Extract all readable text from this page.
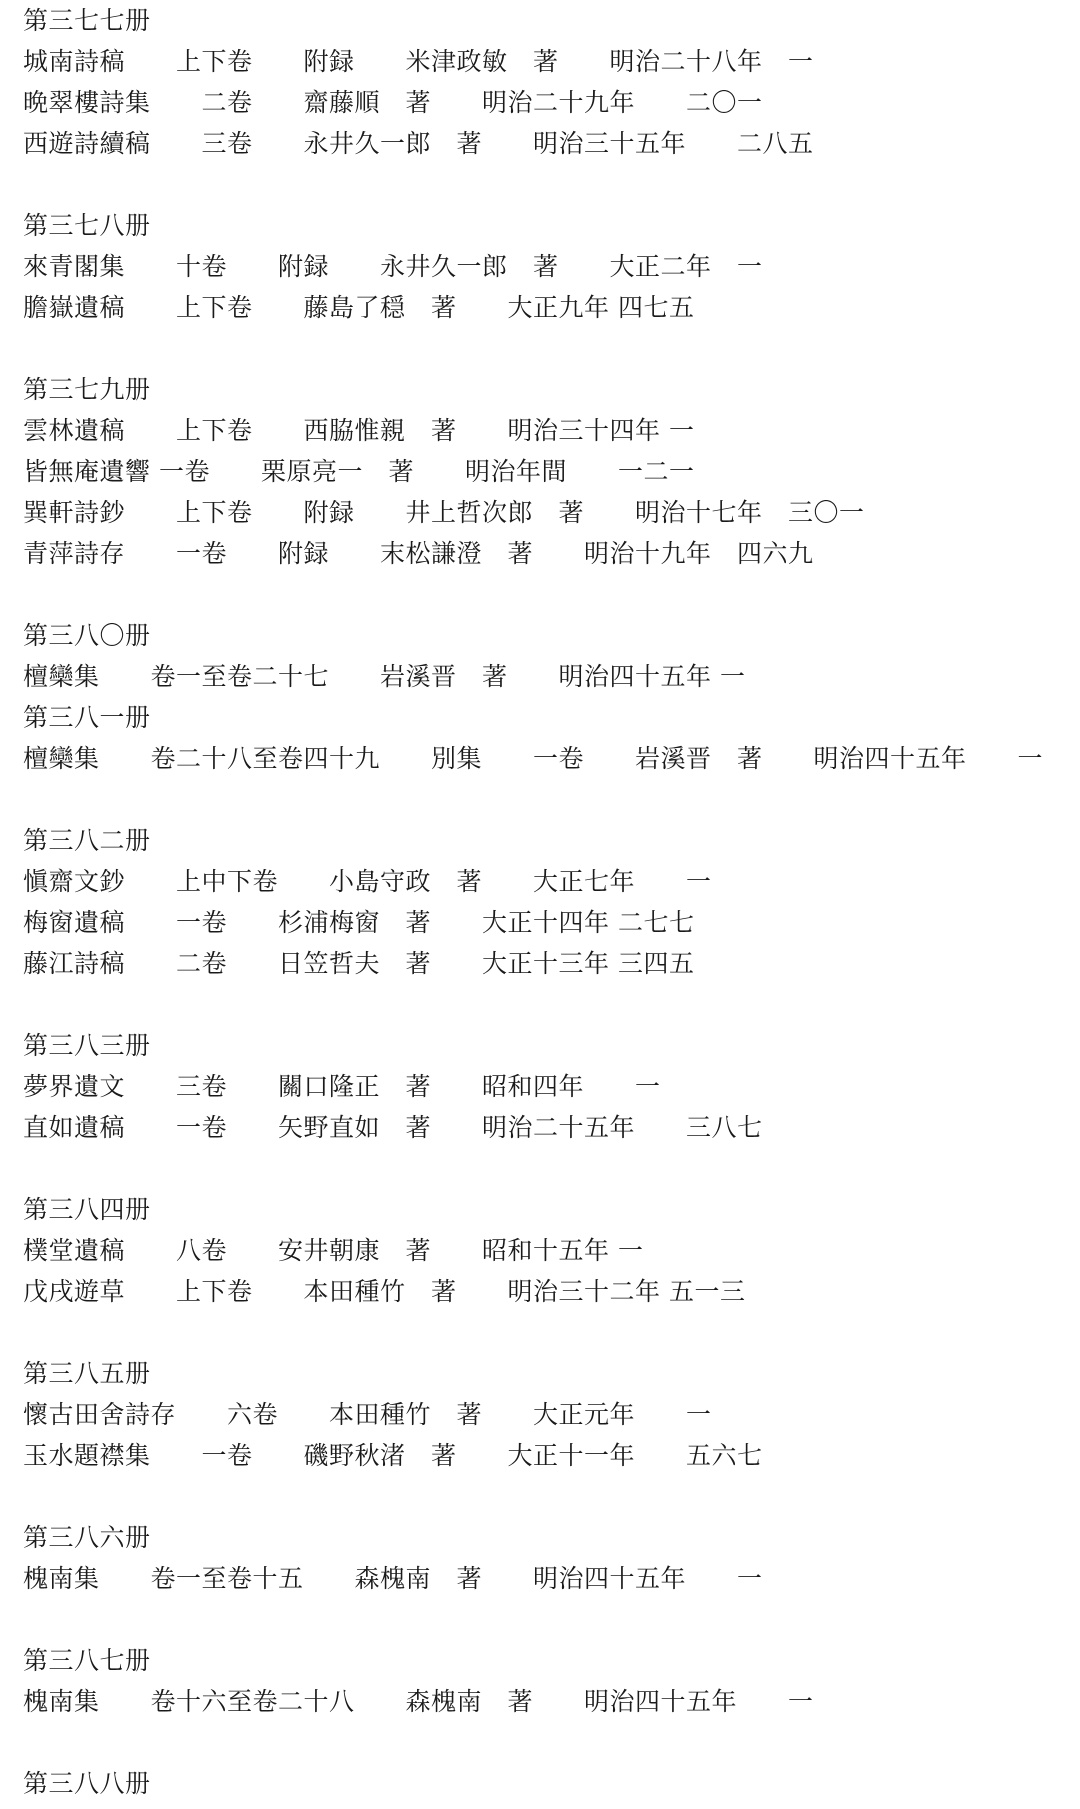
第三七七册
城南詩稿　　上下卷　　附録　　米津政敏　著　　明治二十八年　一
晩翠樓詩集　　二卷　　齋藤順　著　　明治二十九年　　二〇一
西遊詩續稿　　三卷　　永井久一郎　著　　明治三十五年　　二八五
第三七八册
來青閣集　　十卷　　附録　　永井久一郎　著　　大正二年　一
膽嶽遺稿　　上下卷　　藤島了穏　著　　大正九年 四七五
第三七九册
雲林遺稿　　上下卷　　西脇惟親　著　　明治三十四年 一
皆無庵遺響 一卷　　栗原亮一　著　　明治年間　　一二一
巽軒詩鈔　　上下卷　　附録　　井上哲次郎　著　　明治十七年　三〇一
青萍詩存　　一卷　　附録　　末松謙澄　著　　明治十九年　四六九
第三八〇册
檀欒集　　卷一至卷二十七　　岩溪晋　著　　明治四十五年 一
第三八一册
檀欒集　　卷二十八至卷四十九　　別集　　一卷　　岩溪晋　著　　明治四十五年　　一
第三八二册
愼齋文鈔　　上中下卷　　小島守政　著　　大正七年　　一
梅窗遺稿　　一卷　　杉浦梅窗　著　　大正十四年 二七七
藤江詩稿　　二卷　　日笠哲夫　著　　大正十三年 三四五
第三八三册
夢界遺文　　三卷　　關口隆正　著　　昭和四年　　一
直如遺稿　　一卷　　矢野直如　著　　明治二十五年　　三八七
第三八四册
樸堂遺稿　　八卷　　安井朝康　著　　昭和十五年 一
戊戌遊草　　上下卷　　本田種竹　著　　明治三十二年 五一三
第三八五册
懷古田舍詩存　　六卷　　本田種竹　著　　大正元年　　一
玉水題襟集　　一卷　　磯野秋渚　著　　大正十一年　　五六七
第三八六册
槐南集　　卷一至卷十五　　森槐南　著　　明治四十五年　　一
第三八七册
槐南集　　卷十六至卷二十八　　森槐南　著　　明治四十五年　　一
第三八八册
